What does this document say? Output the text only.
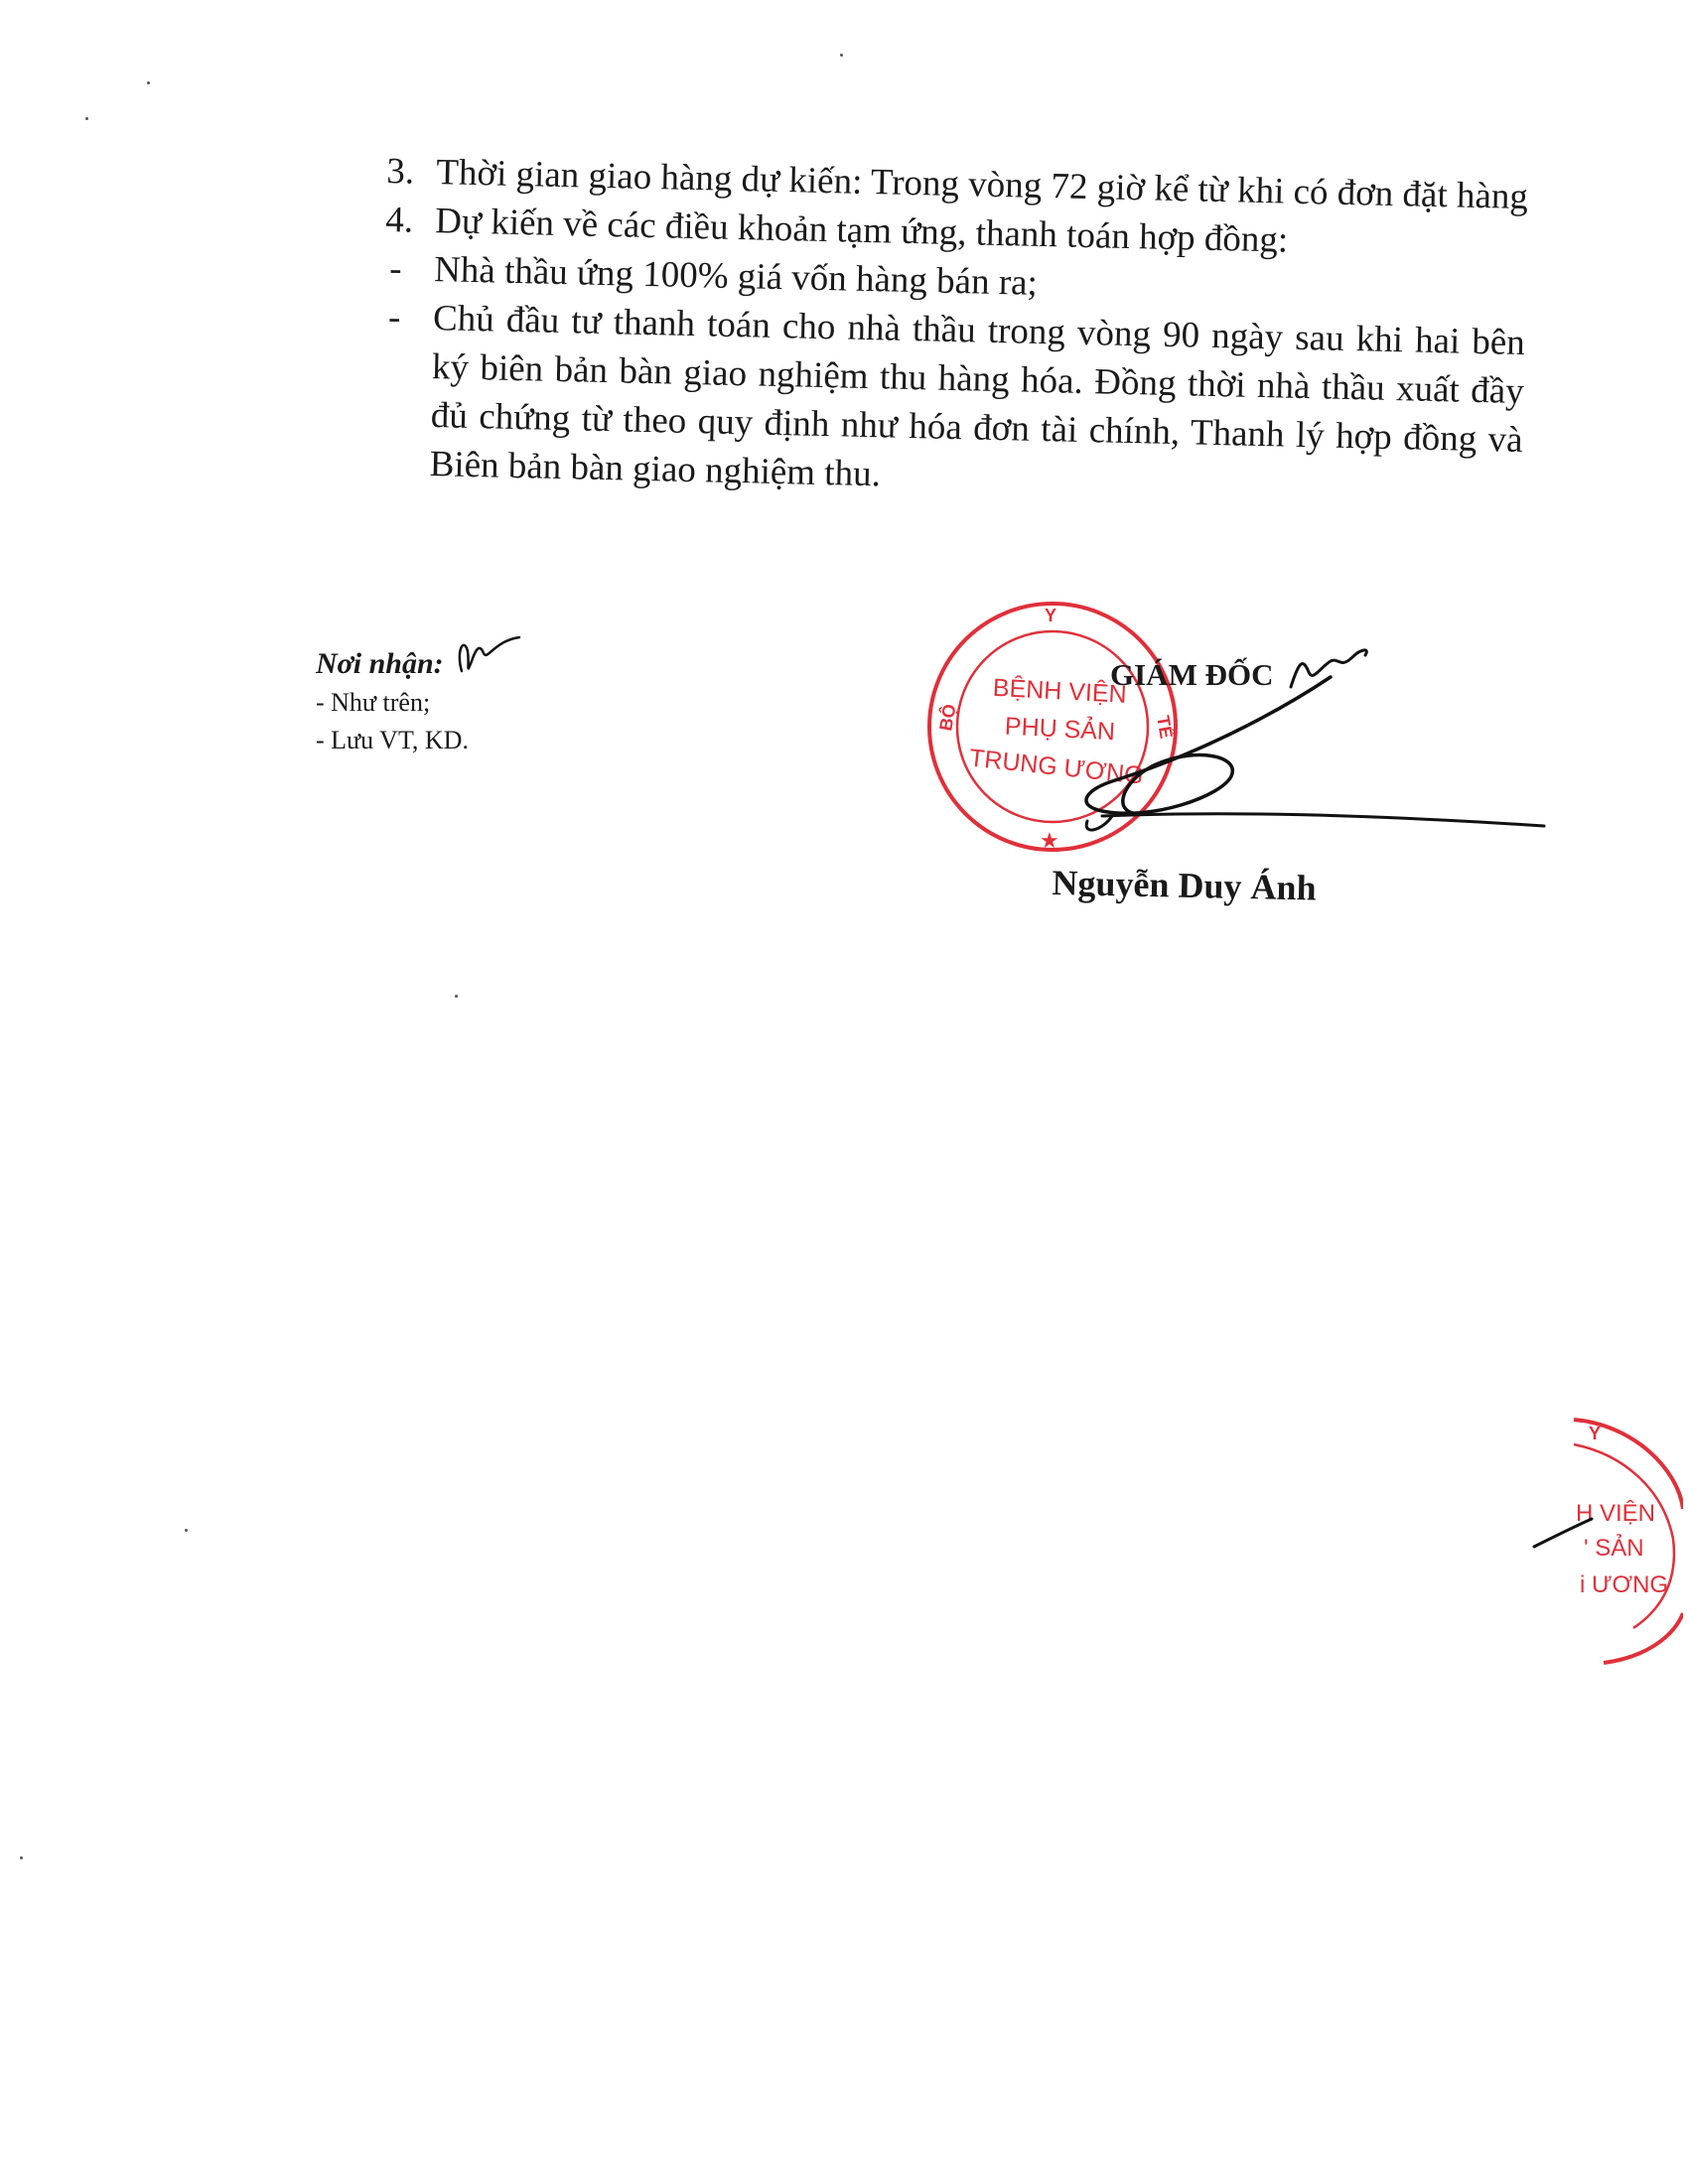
3. Thời gian giao hàng dự kiến: Trong vòng 72 giờ kể từ khi có đơn đặt hàng
4. Dự kiến về các điều khoản tạm ứng, thanh toán hợp đồng:
- Nhà thầu ứng 100% giá vốn hàng bán ra;
- Chủ đầu tư thanh toán cho nhà thầu trong vòng 90 ngày sau khi hai bên ký biên bản bàn giao nghiệm thu hàng hóa. Đồng thời nhà thầu xuất đầy đủ chứng từ theo quy định như hóa đơn tài chính, Thanh lý hợp đồng và Biên bản bàn giao nghiệm thu.
Nơi nhận:
- Như trên;
- Lưu VT, KD.
Y
BỘ	TẾ
BỆNH VIỆN
PHỤ SẢN
TRUNG ƯƠNG
★
GIÁM ĐỐC
Nguyễn Duy Ánh
Y
H VIỆN
' SẢN
i ƯƠNG
